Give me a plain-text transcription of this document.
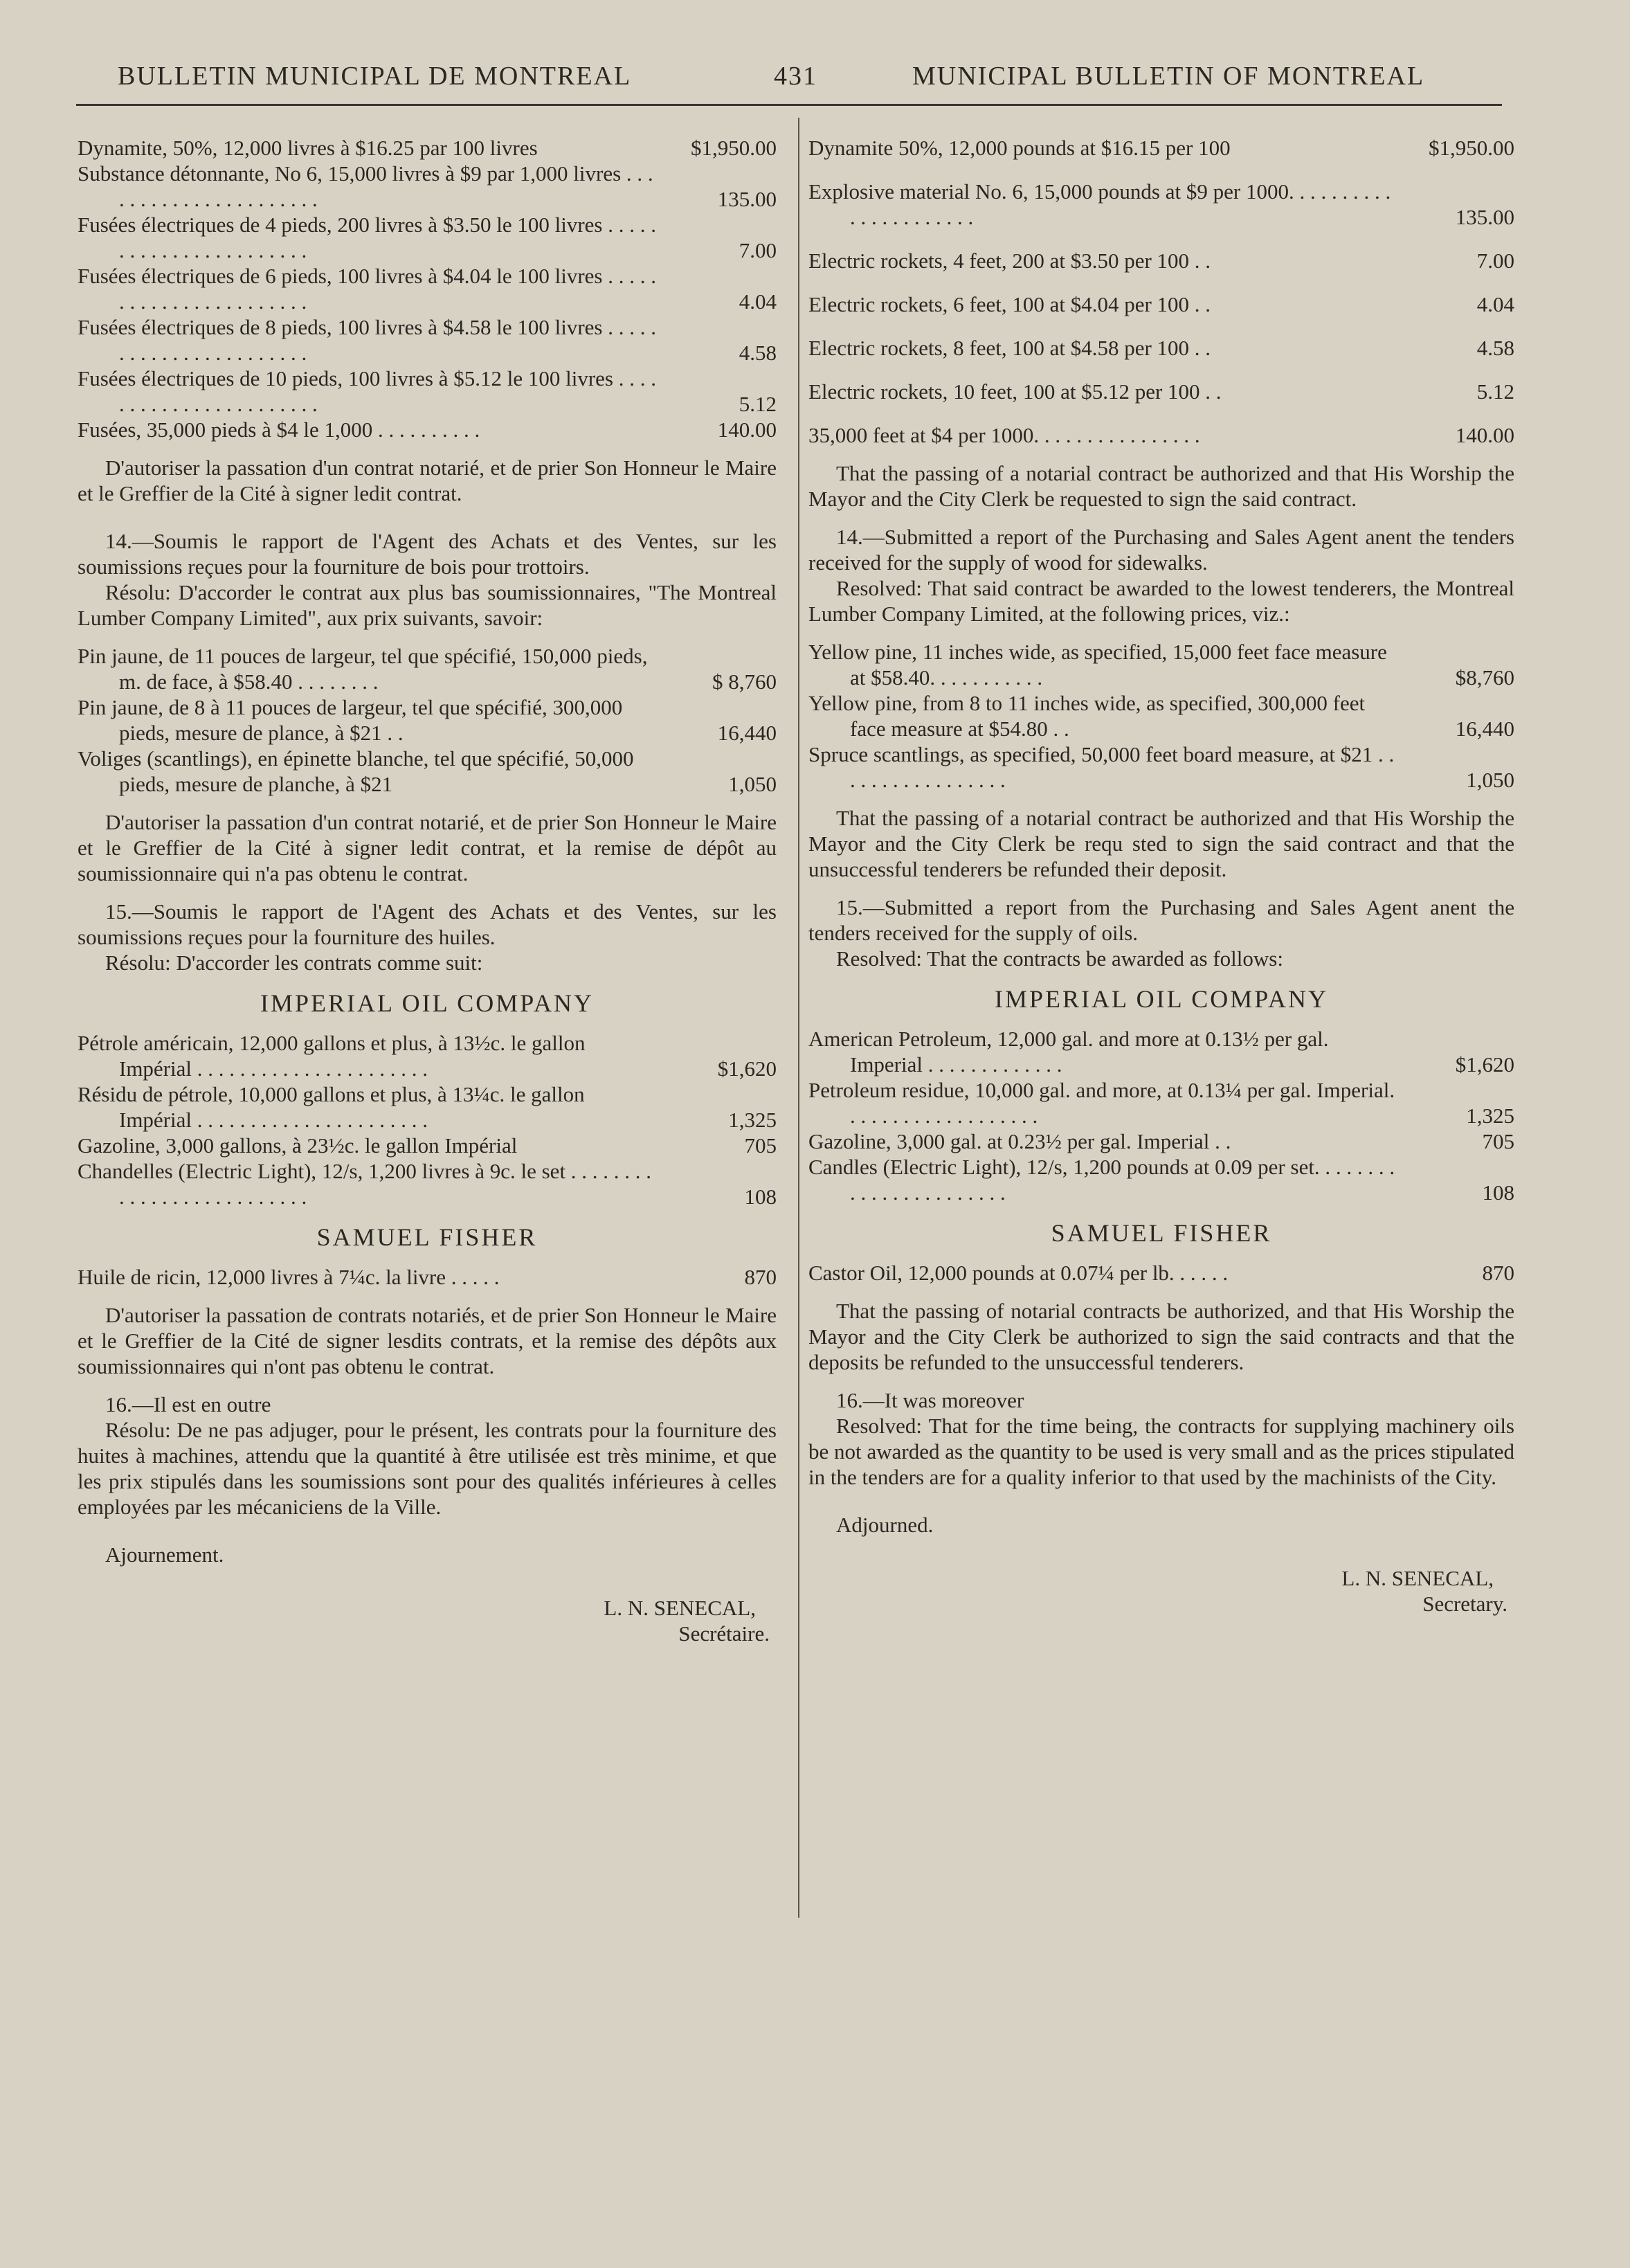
BULLETIN MUNICIPAL DE MONTREAL	431	MUNICIPAL BULLETIN OF MONTREAL
Dynamite, 50%, 12,000 livres à $16.25 par 100 livres	$1,950.00
Substance détonnante, No 6, 15,000 livres à $9 par 1,000 livres . . . . . . . . . . . . . . . . . . . . . .	135.00
Fusées électriques de 4 pieds, 200 livres à $3.50 le 100 livres . . . . . . . . . . . . . . . . . . . . . . .	7.00
Fusées électriques de 6 pieds, 100 livres à $4.04 le 100 livres . . . . . . . . . . . . . . . . . . . . . . .	4.04
Fusées électriques de 8 pieds, 100 livres à $4.58 le 100 livres . . . . . . . . . . . . . . . . . . . . . . .	4.58
Fusées électriques de 10 pieds, 100 livres à $5.12 le 100 livres . . . . . . . . . . . . . . . . . . . . . . .	5.12
Fusées, 35,000 pieds à $4 le 1,000 . . . . . . . . . .	140.00

D'autoriser la passation d'un contrat notarié, et de prier Son Honneur le Maire et le Greffier de la Cité à signer ledit contrat.

14.—Soumis le rapport de l'Agent des Achats et des Ventes, sur les soumissions reçues pour la fourniture de bois pour trottoirs.

Résolu: D'accorder le contrat aux plus bas soumissionnaires, "The Montreal Lumber Company Limited", aux prix suivants, savoir:

Pin jaune, de 11 pouces de largeur, tel que spécifié, 150,000 pieds, m. de face, à $58.40 . . . . . . . .	$ 8,760
Pin jaune, de 8 à 11 pouces de largeur, tel que spécifié, 300,000 pieds, mesure de plance, à $21 . .	16,440
Voliges (scantlings), en épinette blanche, tel que spécifié, 50,000 pieds, mesure de planche, à $21	1,050

D'autoriser la passation d'un contrat notarié, et de prier Son Honneur le Maire et le Greffier de la Cité à signer ledit contrat, et la remise de dépôt au soumissionnaire qui n'a pas obtenu le contrat.

15.—Soumis le rapport de l'Agent des Achats et des Ventes, sur les soumissions reçues pour la fourniture des huiles.

Résolu: D'accorder les contrats comme suit:

IMPERIAL OIL COMPANY
Pétrole américain, 12,000 gallons et plus, à 13½c. le gallon Impérial . . . . . . . . . . . . . . . . . . . . . .	$1,620
Résidu de pétrole, 10,000 gallons et plus, à 13¼c. le gallon Impérial . . . . . . . . . . . . . . . . . . . . . .	1,325
Gazoline, 3,000 gallons, à 23½c. le gallon Impérial	705
Chandelles (Electric Light), 12/s, 1,200 livres à 9c. le set . . . . . . . . . . . . . . . . . . . . . . . . . .	108
SAMUEL FISHER
Huile de ricin, 12,000 livres à 7¼c. la livre . . . . .	870

D'autoriser la passation de contrats notariés, et de prier Son Honneur le Maire et le Greffier de la Cité de signer lesdits contrats, et la remise des dépôts aux soumissionnaires qui n'ont pas obtenu le contrat.

16.—Il est en outre

Résolu: De ne pas adjuger, pour le présent, les contrats pour la fourniture des huites à machines, attendu que la quantité à être utilisée est très minime, et que les prix stipulés dans les soumissions sont pour des qualités inférieures à celles employées par les mécaniciens de la Ville.

Ajournement.

L. N. SENECAL,
Secrétaire.
Dynamite 50%, 12,000 pounds at $16.15 per 100	$1,950.00
Explosive material No. 6, 15,000 pounds at $9 per 1000. . . . . . . . . . . . . . . . . . . . . .	135.00
Electric rockets, 4 feet, 200 at $3.50 per 100 . .	7.00
Electric rockets, 6 feet, 100 at $4.04 per 100 . .	4.04
Electric rockets, 8 feet, 100 at $4.58 per 100 . .	4.58
Electric rockets, 10 feet, 100 at $5.12 per 100 . .	5.12
35,000 feet at $4 per 1000. . . . . . . . . . . . . . . .	140.00

That the passing of a notarial contract be authorized and that His Worship the Mayor and the City Clerk be requested to sign the said contract.

14.—Submitted a report of the Purchasing and Sales Agent anent the tenders received for the supply of wood for sidewalks.

Resolved: That said contract be awarded to the lowest tenderers, the Montreal Lumber Company Limited, at the following prices, viz.:

Yellow pine, 11 inches wide, as specified, 15,000 feet face measure at $58.40. . . . . . . . . . .	$8,760
Yellow pine, from 8 to 11 inches wide, as specified, 300,000 feet face measure at $54.80 . .	16,440
Spruce scantlings, as specified, 50,000 feet board measure, at $21 . . . . . . . . . . . . . . . . .	1,050

That the passing of a notarial contract be authorized and that His Worship the Mayor and the City Clerk be requ sted to sign the said contract and that the unsuccessful tenderers be refunded their deposit.

15.—Submitted a report from the Purchasing and Sales Agent anent the tenders received for the supply of oils.

Resolved: That the contracts be awarded as follows:

IMPERIAL OIL COMPANY
American Petroleum, 12,000 gal. and more at 0.13½ per gal. Imperial . . . . . . . . . . . . .	$1,620
Petroleum residue, 10,000 gal. and more, at 0.13¼ per gal. Imperial. . . . . . . . . . . . . . . . . . .	1,325
Gazoline, 3,000 gal. at 0.23½ per gal. Imperial . .	705
Candles (Electric Light), 12/s, 1,200 pounds at 0.09 per set. . . . . . . . . . . . . . . . . . . . . . .	108
SAMUEL FISHER
Castor Oil, 12,000 pounds at 0.07¼ per lb. . . . . .	870

That the passing of notarial contracts be authorized, and that His Worship the Mayor and the City Clerk be authorized to sign the said contracts and that the deposits be refunded to the unsuccessful tenderers.

16.—It was moreover

Resolved: That for the time being, the contracts for supplying machinery oils be not awarded as the quantity to be used is very small and as the prices stipulated in the tenders are for a quality inferior to that used by the machinists of the City.

Adjourned.

L. N. SENECAL,
Secretary.
